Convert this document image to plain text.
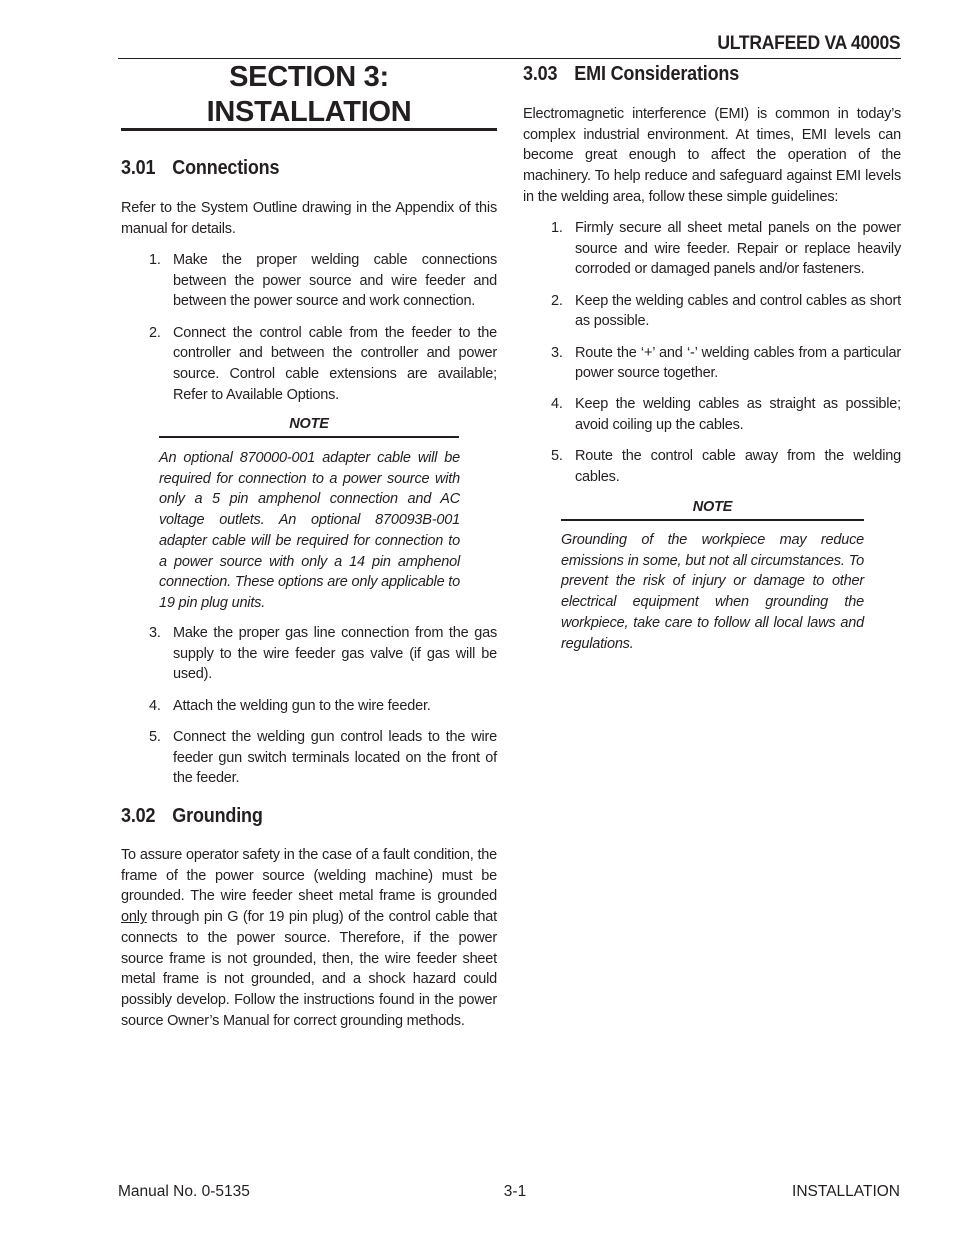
ULTRAFEED VA 4000S
SECTION 3:
INSTALLATION
3.01 Connections
Refer to the System Outline drawing in the Appendix of this manual for details.
1. Make the proper welding cable connections between the power source and wire feeder and between the power source and work connection.
2. Connect the control cable from the feeder to the controller and between the controller and power source. Control cable extensions are available; Refer to Available Options.
NOTE
An optional 870000-001 adapter cable will be required for connection to a power source with only a 5 pin amphenol connection and AC voltage outlets. An optional 870093B-001 adapter cable will be required for connection to a power source with only a 14 pin amphenol connection. These options are only applicable to 19 pin plug units.
3. Make the proper gas line connection from the gas supply to the wire feeder gas valve (if gas will be used).
4. Attach the welding gun to the wire feeder.
5. Connect the welding gun control leads to the wire feeder gun switch terminals located on the front of the feeder.
3.02 Grounding
To assure operator safety in the case of a fault condition, the frame of the power source (welding machine) must be grounded. The wire feeder sheet metal frame is grounded only through pin G (for 19 pin plug) of the control cable that connects to the power source. Therefore, if the power source frame is not grounded, then, the wire feeder sheet metal frame is not grounded, and a shock hazard could possibly develop. Follow the instructions found in the power source Owner’s Manual for correct grounding methods.
3.03 EMI Considerations
Electromagnetic interference (EMI) is common in today’s complex industrial environment. At times, EMI levels can become great enough to affect the operation of the machinery. To help reduce and safeguard against EMI levels in the welding area, follow these simple guidelines:
1. Firmly secure all sheet metal panels on the power source and wire feeder. Repair or replace heavily corroded or damaged panels and/or fasteners.
2. Keep the welding cables and control cables as short as possible.
3. Route the ‘+’ and ‘-’ welding cables from a particular power source together.
4. Keep the welding cables as straight as possible; avoid coiling up the cables.
5. Route the control cable away from the welding cables.
NOTE
Grounding of the workpiece may reduce emissions in some, but not all circumstances. To prevent the risk of injury or damage to other electrical equipment when grounding the workpiece, take care to follow all local laws and regulations.
Manual No. 0-5135	3-1	INSTALLATION
